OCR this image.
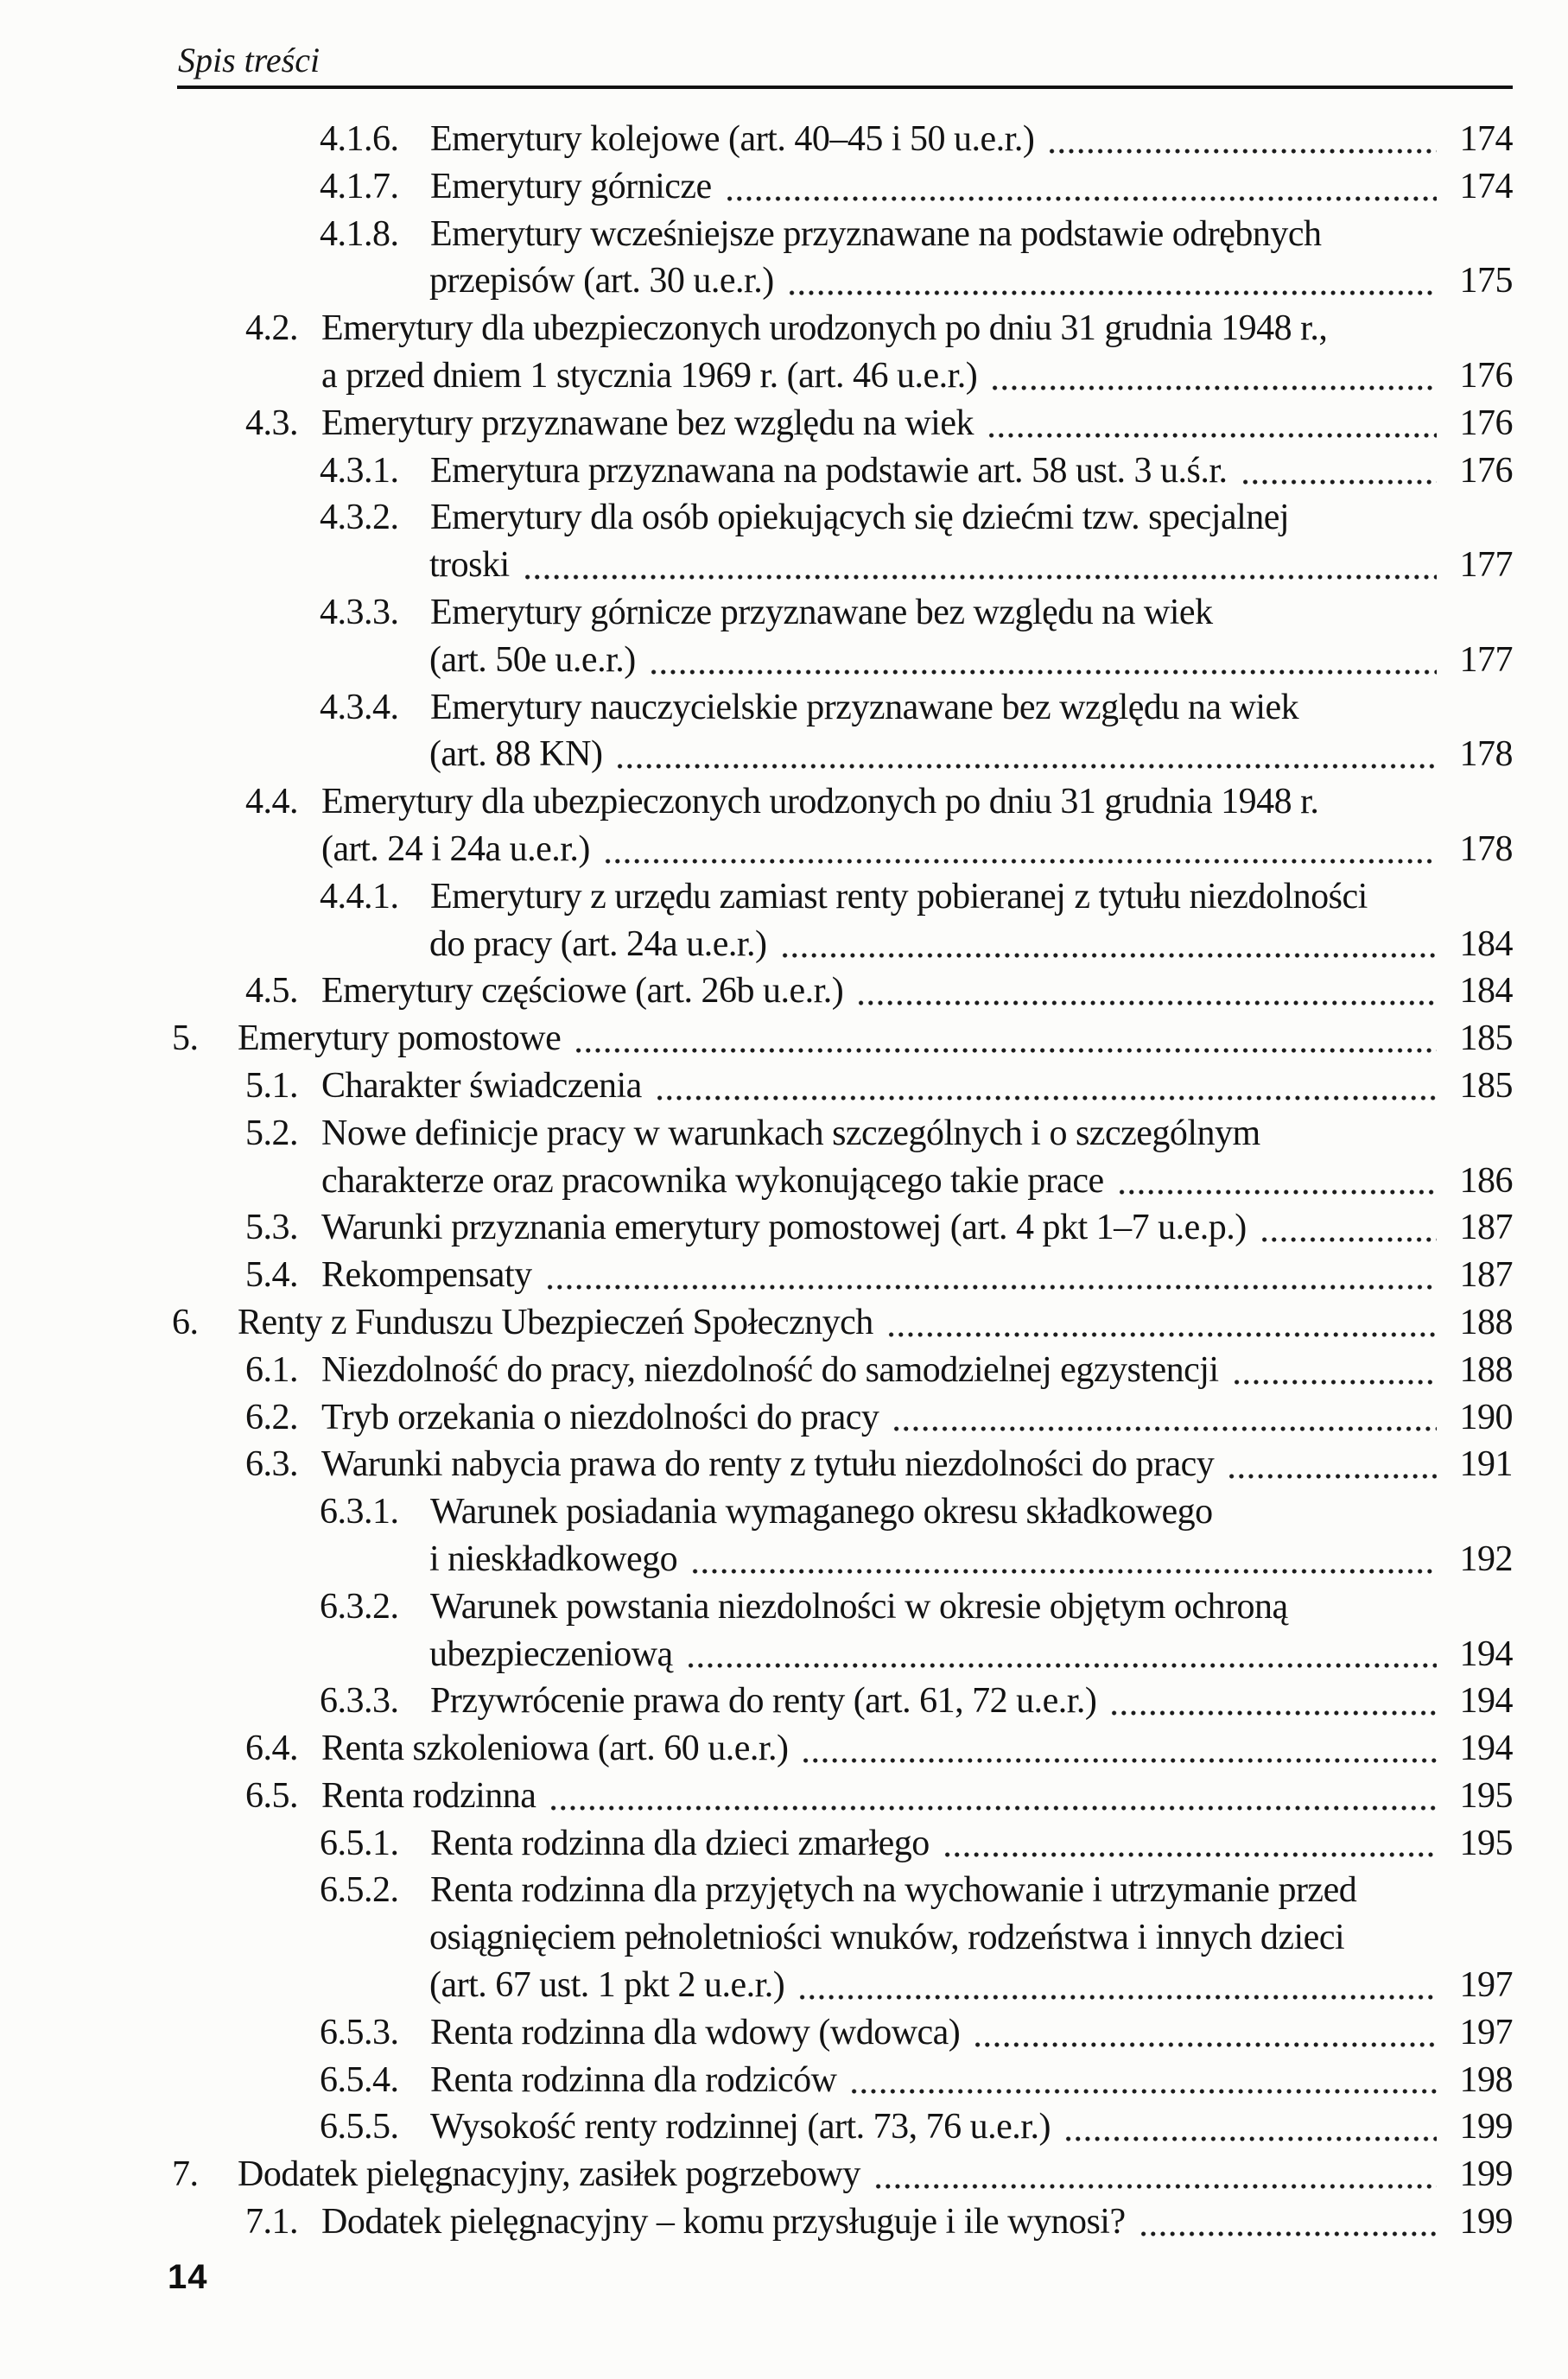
Spis treści
4.1.6. Emerytury kolejowe (art. 40–45 i 50 u.e.r.)	174
4.1.7. Emerytury górnicze	174
4.1.8. Emerytury wcześniejsze przyznawane na podstawie odrębnych
przepisów (art. 30 u.e.r.)	175
4.2. Emerytury dla ubezpieczonych urodzonych po dniu 31 grudnia 1948 r.,
a przed dniem 1 stycznia 1969 r. (art. 46 u.e.r.)	176
4.3. Emerytury przyznawane bez względu na wiek	176
4.3.1. Emerytura przyznawana na podstawie art. 58 ust. 3 u.ś.r.	176
4.3.2. Emerytury dla osób opiekujących się dziećmi tzw. specjalnej
troski	177
4.3.3. Emerytury górnicze przyznawane bez względu na wiek
(art. 50e u.e.r.)	177
4.3.4. Emerytury nauczycielskie przyznawane bez względu na wiek
(art. 88 KN)	178
4.4. Emerytury dla ubezpieczonych urodzonych po dniu 31 grudnia 1948 r.
(art. 24 i 24a u.e.r.)	178
4.4.1. Emerytury z urzędu zamiast renty pobieranej z tytułu niezdolności
do pracy (art. 24a u.e.r.)	184
4.5. Emerytury częściowe (art. 26b u.e.r.)	184
5.	Emerytury pomostowe	185
5.1. Charakter świadczenia	185
5.2. Nowe definicje pracy w warunkach szczególnych i o szczególnym
charakterze oraz pracownika wykonującego takie prace	186
5.3. Warunki przyznania emerytury pomostowej (art. 4 pkt 1–7 u.e.p.)	187
5.4. Rekompensaty	187
6.	Renty z Funduszu Ubezpieczeń Społecznych	188
6.1. Niezdolność do pracy, niezdolność do samodzielnej egzystencji	188
6.2. Tryb orzekania o niezdolności do pracy	190
6.3. Warunki nabycia prawa do renty z tytułu niezdolności do pracy	191
6.3.1. Warunek posiadania wymaganego okresu składkowego
i nieskładkowego	192
6.3.2. Warunek powstania niezdolności w okresie objętym ochroną
ubezpieczeniową	194
6.3.3. Przywrócenie prawa do renty (art. 61, 72 u.e.r.)	194
6.4. Renta szkoleniowa (art. 60 u.e.r.)	194
6.5. Renta rodzinna	195
6.5.1. Renta rodzinna dla dzieci zmarłego	195
6.5.2. Renta rodzinna dla przyjętych na wychowanie i utrzymanie przed
osiągnięciem pełnoletniości wnuków, rodzeństwa i innych dzieci
(art. 67 ust. 1 pkt 2 u.e.r.)	197
6.5.3. Renta rodzinna dla wdowy (wdowca)	197
6.5.4. Renta rodzinna dla rodziców	198
6.5.5. Wysokość renty rodzinnej (art. 73, 76 u.e.r.)	199
7.	Dodatek pielęgnacyjny, zasiłek pogrzebowy	199
7.1. Dodatek pielęgnacyjny – komu przysługuje i ile wynosi?	199
14
